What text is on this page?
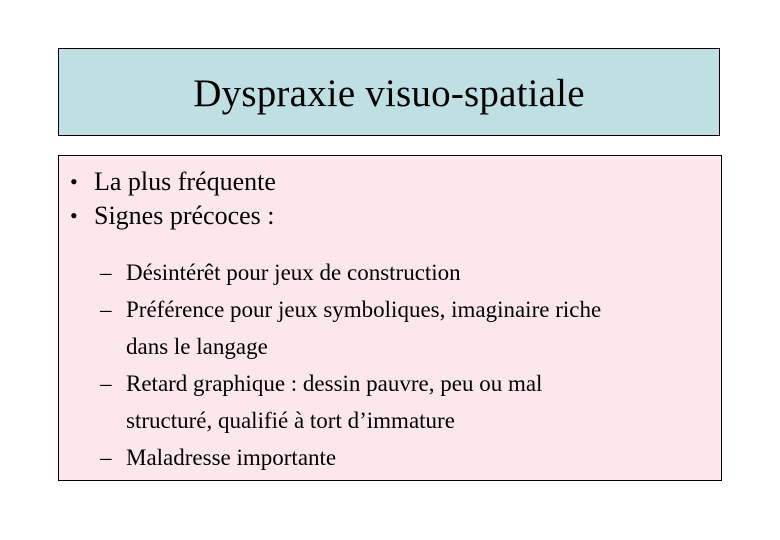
Dyspraxie visuo-spatiale
• La plus fréquente
• Signes précoces :
– Désintérêt pour jeux de construction
– Préférence pour jeux symboliques, imaginaire riche
dans le langage
– Retard graphique : dessin pauvre, peu ou mal
structuré, qualifié à tort d’immature
– Maladresse importante
